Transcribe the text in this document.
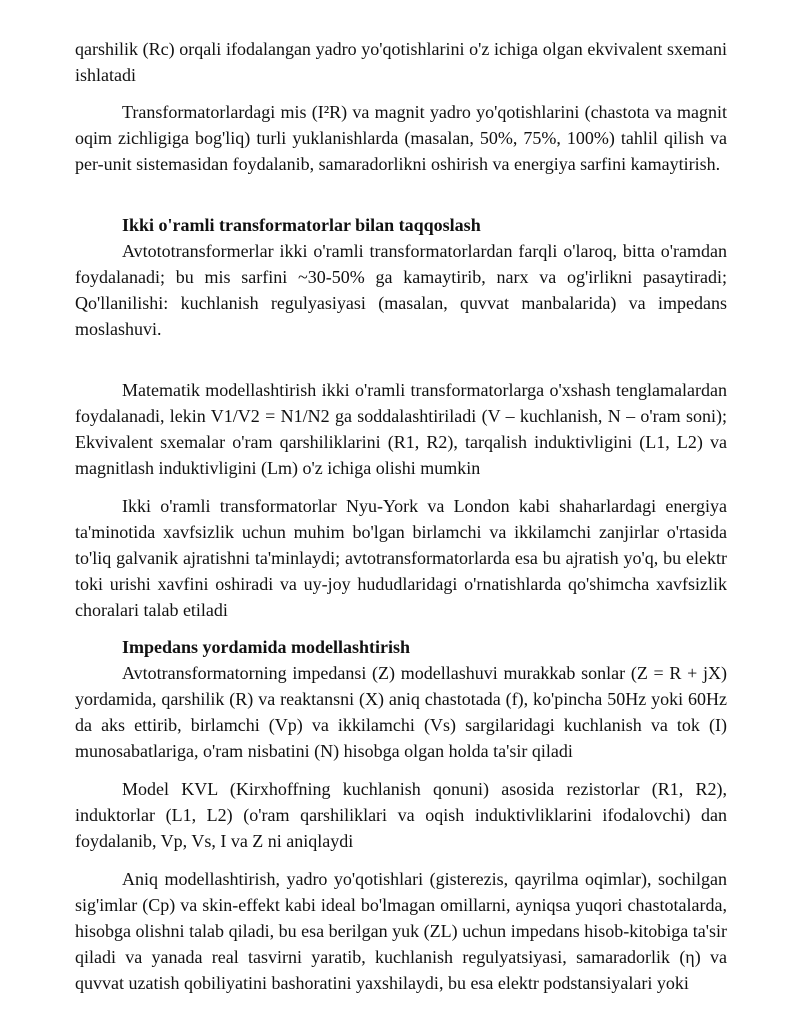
qarshilik (Rc) orqali ifodalangan yadro yo'qotishlarini o'z ichiga olgan ekvivalent sxemani ishlatadi

Transformatorlardagi mis (I²R) va magnit yadro yo'qotishlarini (chastota va magnit oqim zichligiga bog'liq) turli yuklanishlarda (masalan, 50%, 75%, 100%) tahlil qilish va per-unit sistemasidan foydalanib, samaradorlikni oshirish va energiya sarfini kamaytirish.

Ikki o'ramli transformatorlar bilan taqqoslash

Avtototransformerlar ikki o'ramli transformatorlardan farqli o'laroq, bitta o'ramdan foydalanadi; bu mis sarfini ~30-50% ga kamaytirib, narx va og'irlikni pasaytiradi; Qo'llanilishi: kuchlanish regulyasiyasi (masalan, quvvat manbalarida) va impedans moslashuvi.

Matematik modellashtirish ikki o'ramli transformatorlarga o'xshash tenglamalardan foydalanadi, lekin V1/V2 = N1/N2 ga soddalashtiriladi (V – kuchlanish, N – o'ram soni); Ekvivalent sxemalar o'ram qarshiliklarini (R1, R2), tarqalish induktivligini (L1, L2) va magnitlash induktivligini (Lm) o'z ichiga olishi mumkin

Ikki o'ramli transformatorlar Nyu-York va London kabi shaharlardagi energiya ta'minotida xavfsizlik uchun muhim bo'lgan birlamchi va ikkilamchi zanjirlar o'rtasida to'liq galvanik ajratishni ta'minlaydi; avtotransformatorlarda esa bu ajratish yo'q, bu elektr toki urishi xavfini oshiradi va uy-joy hududlaridagi o'rnatishlarda qo'shimcha xavfsizlik choralari talab etiladi

Impedans yordamida modellashtirish

Avtotransformatorning impedansi (Z) modellashuvi murakkab sonlar (Z = R + jX) yordamida, qarshilik (R) va reaktansni (X) aniq chastotada (f), ko'pincha 50Hz yoki 60Hz da aks ettirib, birlamchi (Vp) va ikkilamchi (Vs) sargilaridagi kuchlanish va tok (I) munosabatlariga, o'ram nisbatini (N) hisobga olgan holda ta'sir qiladi

Model KVL (Kirxhoffning kuchlanish qonuni) asosida rezistorlar (R1, R2), induktorlar (L1, L2) (o'ram qarshiliklari va oqish induktivliklarini ifodalovchi) dan foydalanib, Vp, Vs, I va Z ni aniqlaydi

Aniq modellashtirish, yadro yo'qotishlari (gisterezis, qayrilma oqimlar), sochilgan sig'imlar (Cp) va skin-effekt kabi ideal bo'lmagan omillarni, ayniqsa yuqori chastotalarda, hisobga olishni talab qiladi, bu esa berilgan yuk (ZL) uchun impedans hisob-kitobiga ta'sir qiladi va yanada real tasvirni yaratib, kuchlanish regulyatsiyasi, samaradorlik (η) va quvvat uzatish qobiliyatini bashoratini yaxshilaydi, bu esa elektr podstansiyalari yoki
